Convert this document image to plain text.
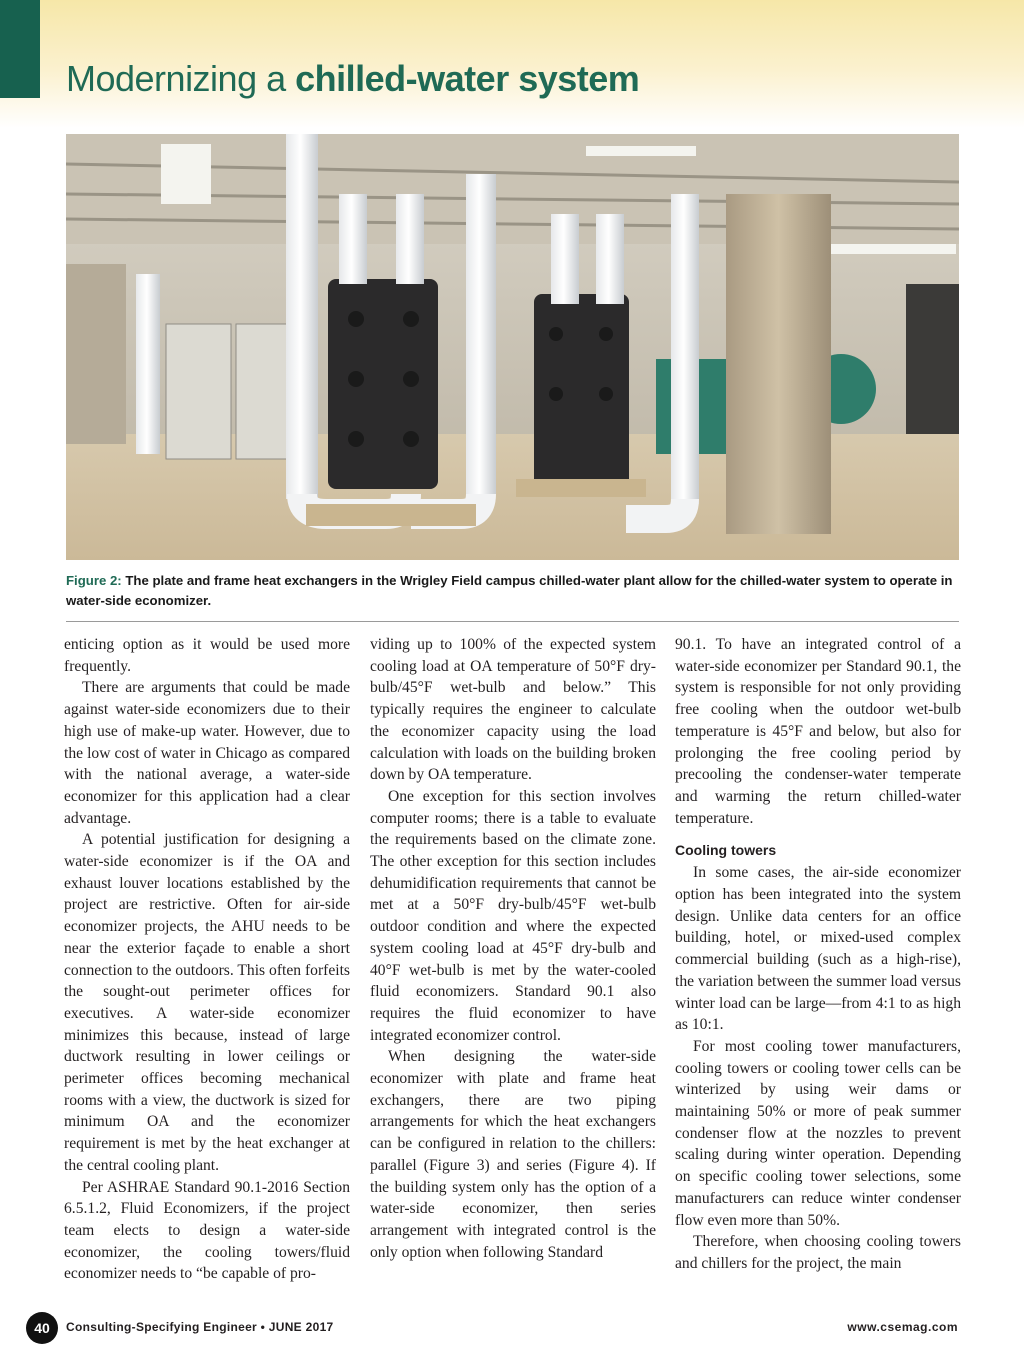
Modernizing a chilled-water system

Figure 2: The plate and frame heat exchangers in the Wrigley Field campus chilled-water plant allow for the chilled-water system to operate in water-side economizer.

enticing option as it would be used more frequently.

There are arguments that could be made against water-side economizers due to their high use of make-up water. However, due to the low cost of water in Chicago as compared with the national average, a water-side economizer for this application had a clear advantage.

A potential justification for designing a water-side economizer is if the OA and exhaust louver locations established by the project are restrictive. Often for air-side economizer projects, the AHU needs to be near the exterior façade to enable a short connection to the outdoors. This often forfeits the sought-out perimeter offices for executives. A water-side economizer minimizes this because, instead of large ductwork resulting in lower ceilings or perimeter offices becoming mechanical rooms with a view, the ductwork is sized for minimum OA and the economizer requirement is met by the heat exchanger at the central cooling plant.

Per ASHRAE Standard 90.1-2016 Section 6.5.1.2, Fluid Economizers, if the project team elects to design a water-side economizer, the cooling towers/fluid economizer needs to “be capable of pro-

viding up to 100% of the expected system cooling load at OA temperature of 50°F dry-bulb/45°F wet-bulb and below.” This typically requires the engineer to calculate the economizer capacity using the load calculation with loads on the building broken down by OA temperature.

One exception for this section involves computer rooms; there is a table to evaluate the requirements based on the climate zone. The other exception for this section includes dehumidification requirements that cannot be met at a 50°F dry-bulb/45°F wet-bulb outdoor condition and where the expected system cooling load at 45°F dry-bulb and 40°F wet-bulb is met by the water-cooled fluid economizers. Standard 90.1 also requires the fluid economizer to have integrated economizer control.

When designing the water-side economizer with plate and frame heat exchangers, there are two piping arrangements for which the heat exchangers can be configured in relation to the chillers: parallel (Figure 3) and series (Figure 4). If the building system only has the option of a water-side economizer, then series arrangement with integrated control is the only option when following Standard

90.1. To have an integrated control of a water-side economizer per Standard 90.1, the system is responsible for not only providing free cooling when the outdoor wet-bulb temperature is 45°F and below, but also for prolonging the free cooling period by precooling the condenser-water temperate and warming the return chilled-water temperature.

Cooling towers

In some cases, the air-side economizer option has been integrated into the system design. Unlike data centers for an office building, hotel, or mixed-used complex commercial building (such as a high-rise), the variation between the summer load versus winter load can be large—from 4:1 to as high as 10:1.

For most cooling tower manufacturers, cooling towers or cooling tower cells can be winterized by using weir dams or maintaining 50% or more of peak summer condenser flow at the nozzles to prevent scaling during winter operation. Depending on specific cooling tower selections, some manufacturers can reduce winter condenser flow even more than 50%.

Therefore, when choosing cooling towers and chillers for the project, the main

40	Consulting-Specifying Engineer • JUNE 2017	www.csemag.com
